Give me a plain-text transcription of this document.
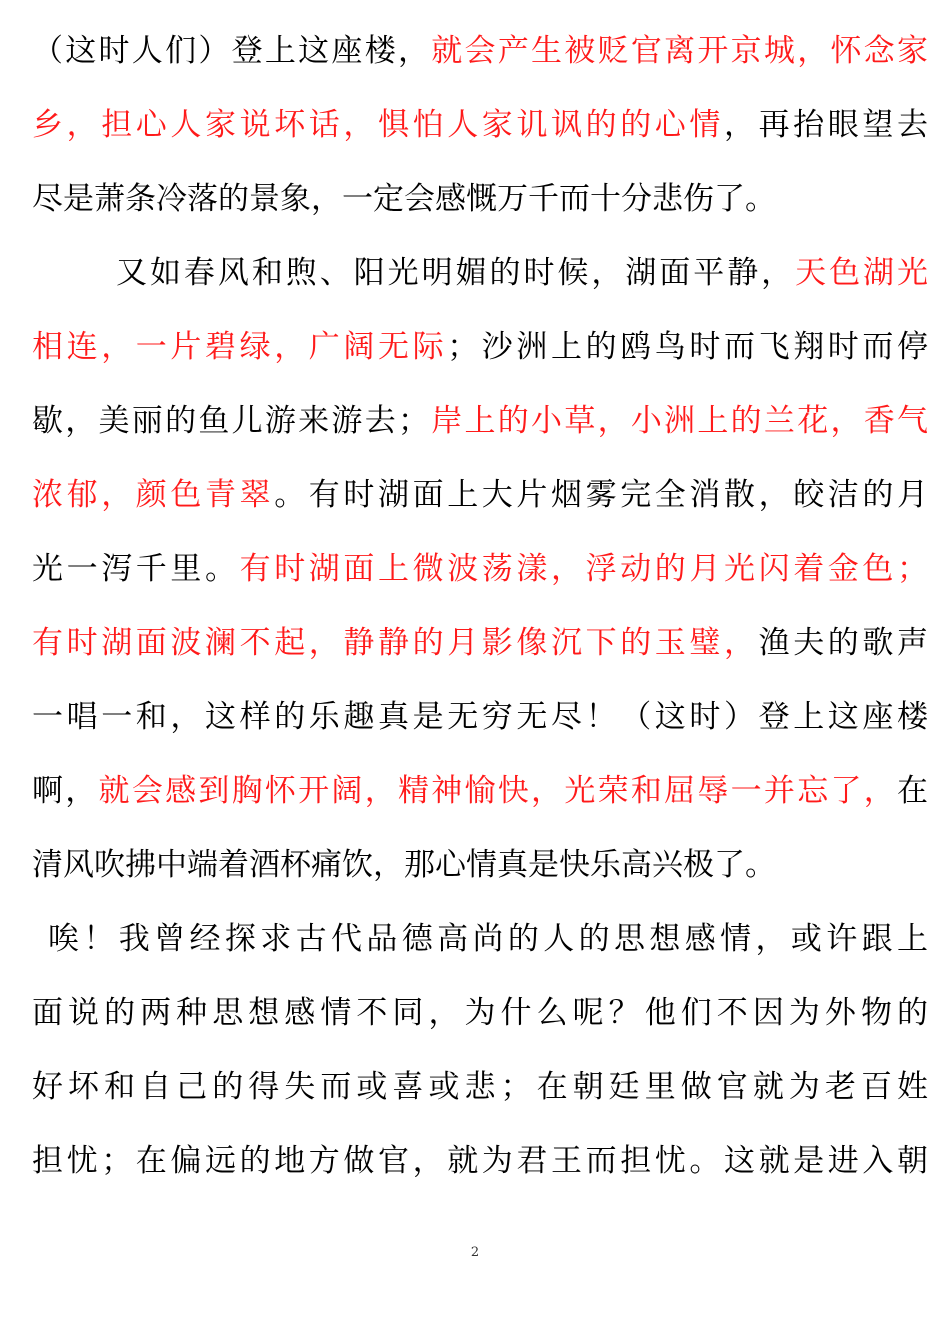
（这时人们）登上这座楼，就会产生被贬官离开京城，怀念家
乡，担心人家说坏话，惧怕人家讥讽的的心情，再抬眼望去
尽是萧条冷落的景象，一定会感慨万千而十分悲伤了。
又如春风和煦、阳光明媚的时候，湖面平静，天色湖光
相连，一片碧绿，广阔无际；沙洲上的鸥鸟时而飞翔时而停
歇，美丽的鱼儿游来游去；岸上的小草，小洲上的兰花，香气
浓郁，颜色青翠。有时湖面上大片烟雾完全消散，皎洁的月
光一泻千里。有时湖面上微波荡漾，浮动的月光闪着金色；
有时湖面波澜不起，静静的月影像沉下的玉璧，渔夫的歌声
一唱一和，这样的乐趣真是无穷无尽！（这时）登上这座楼
啊，就会感到胸怀开阔，精神愉快，光荣和屈辱一并忘了，在
清风吹拂中端着酒杯痛饮，那心情真是快乐高兴极了。
唉！我曾经探求古代品德高尚的人的思想感情，或许跟上
面说的两种思想感情不同，为什么呢？他们不因为外物的
好坏和自己的得失而或喜或悲；在朝廷里做官就为老百姓
担忧；在偏远的地方做官，就为君王而担忧。这就是进入朝
2
